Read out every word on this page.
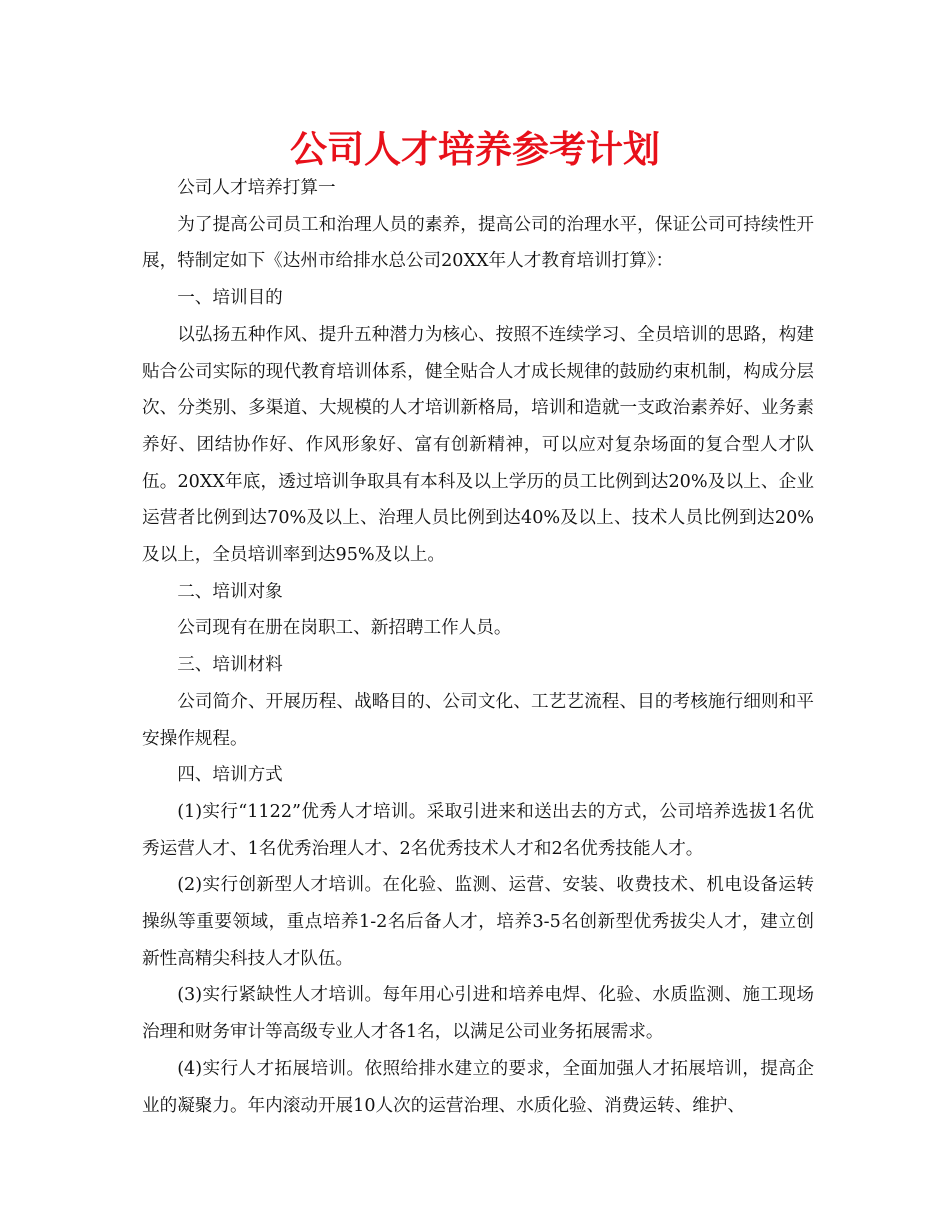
公司人才培养参考计划

公司人才培养打算一

为了提高公司员工和治理人员的素养，提高公司的治理水平，保证公司可持续性开展，特制定如下《达州市给排水总公司20XX年人才教育培训打算》：

一、培训目的

以弘扬五种作风、提升五种潜力为核心、按照不连续学习、全员培训的思路，构建贴合公司实际的现代教育培训体系，健全贴合人才成长规律的鼓励约束机制，构成分层次、分类别、多渠道、大规模的人才培训新格局，培训和造就一支政治素养好、业务素养好、团结协作好、作风形象好、富有创新精神，可以应对复杂场面的复合型人才队伍。20XX年底，透过培训争取具有本科及以上学历的员工比例到达20%及以上、企业运营者比例到达70%及以上、治理人员比例到达40%及以上、技术人员比例到达20%及以上，全员培训率到达95%及以上。

二、培训对象

公司现有在册在岗职工、新招聘工作人员。

三、培训材料

公司简介、开展历程、战略目的、公司文化、工艺艺流程、目的考核施行细则和平安操作规程。

四、培训方式

(1)实行“1122”优秀人才培训。采取引进来和送出去的方式，公司培养选拔1名优秀运营人才、1名优秀治理人才、2名优秀技术人才和2名优秀技能人才。

(2)实行创新型人才培训。在化验、监测、运营、安装、收费技术、机电设备运转操纵等重要领域，重点培养1-2名后备人才，培养3-5名创新型优秀拔尖人才，建立创新性高精尖科技人才队伍。

(3)实行紧缺性人才培训。每年用心引进和培养电焊、化验、水质监测、施工现场治理和财务审计等高级专业人才各1名，以满足公司业务拓展需求。

(4)实行人才拓展培训。依照给排水建立的要求，全面加强人才拓展培训，提高企业的凝聚力。年内滚动开展10人次的运营治理、水质化验、消费运转、维护、
